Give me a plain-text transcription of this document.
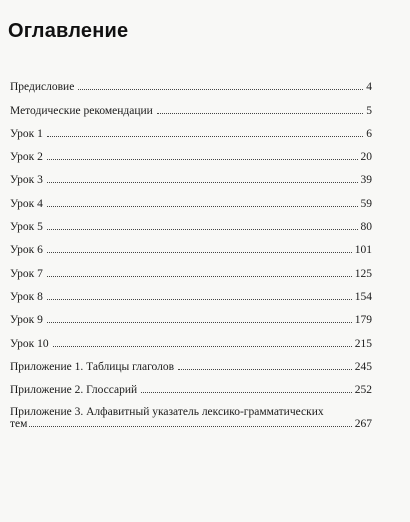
Оглавление
Предисловие	4
Методические рекомендации	5
Урок 1	6
Урок 2	20
Урок 3	39
Урок 4	59
Урок 5	80
Урок 6	101
Урок 7	125
Урок 8	154
Урок 9	179
Урок 10	215
Приложение 1. Таблицы глаголов	245
Приложение 2. Глоссарий	252
Приложение 3. Алфавитный указатель лексико-грамматических
тем	267
